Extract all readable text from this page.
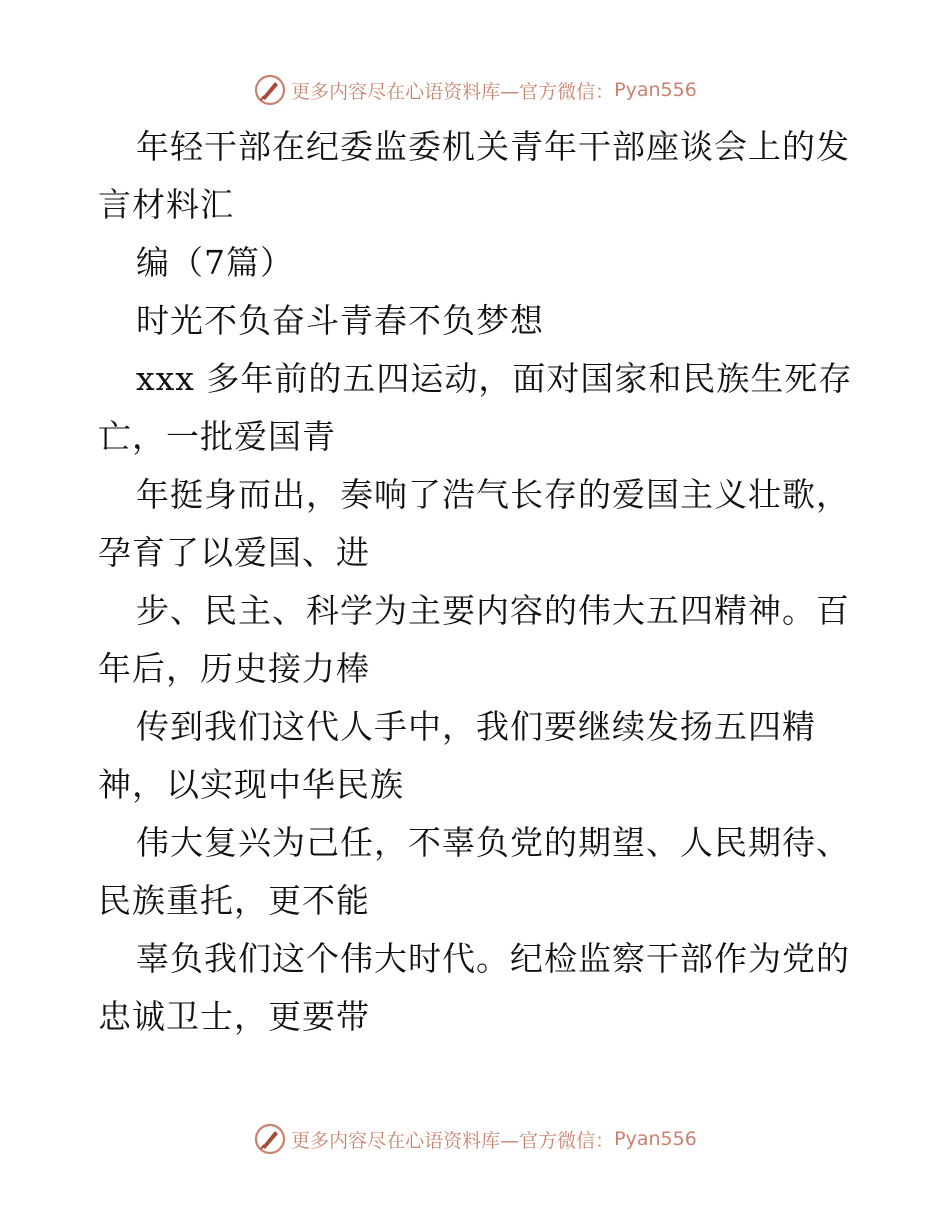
更多内容尽在心语资料库—官方微信： Pyan556
年轻干部在纪委监委机关青年干部座谈会上的发
言材料汇
编（7篇）
时光不负奋斗青春不负梦想
xxx 多年前的五四运动，面对国家和民族生死存
亡，一批爱国青
年挺身而出，奏响了浩气长存的爱国主义壮歌，
孕育了以爱国、进
步、民主、科学为主要内容的伟大五四精神。百
年后，历史接力棒
传到我们这代人手中，我们要继续发扬五四精
神，以实现中华民族
伟大复兴为己任，不辜负党的期望、人民期待、
民族重托，更不能
辜负我们这个伟大时代。纪检监察干部作为党的
忠诚卫士，更要带
更多内容尽在心语资料库—官方微信： Pyan556
